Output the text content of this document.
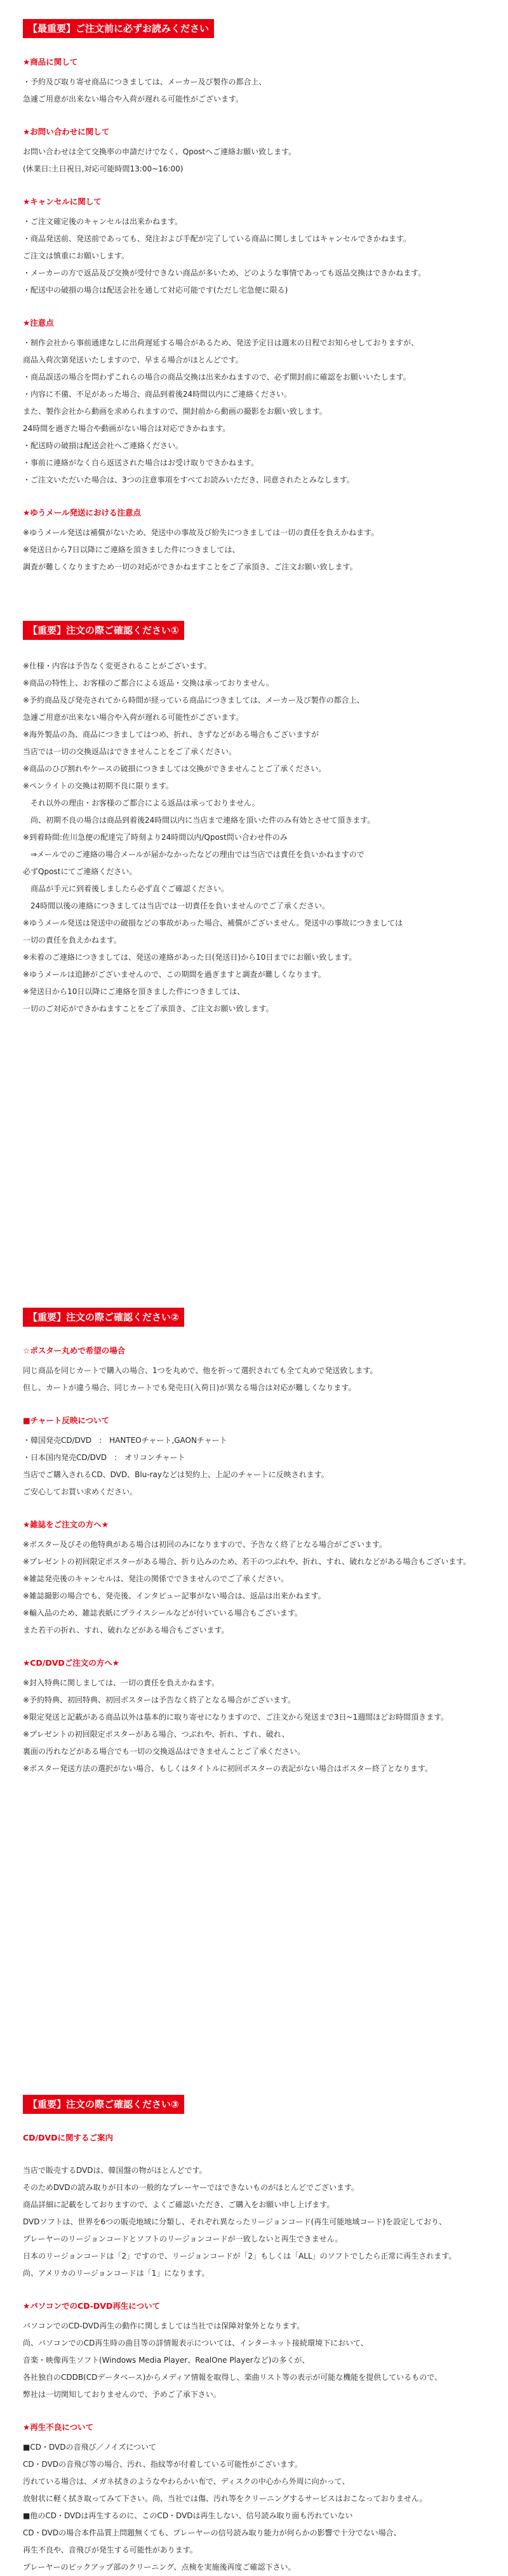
【最重要】ご注文前に必ずお読みください
★商品に関して
・予約及び取り寄せ商品につきましては、メーカー及び製作の都合上、
急遽ご用意が出来ない場合や入荷が遅れる可能性がございます。
★お問い合わせに関して
お問い合わせは全て交換率の申請だけでなく、Qpostへご連絡お願い致します。
(休業日:土日祝日,対応可能時間13:00~16:00)
★キャンセルに関して
・ご注文確定後のキャンセルは出来かねます。
・商品発送前、発送前であっても、発注および手配が完了している商品に関しましてはキャンセルできかねます。
ご注文は慎重にお願いします。
・メーカーの方で返品及び交換が受付できない商品が多いため、どのような事情であっても返品交換はできかねます。
・配送中の破損の場合は配送会社を通して対応可能です(ただし宅急便に限る)
★注意点
・制作会社から事前通達なしに出荷遅延する場合があるため、発送予定日は週末の日程でお知らせしておりますが、
商品入荷次第発送いたしますので、早まる場合がほとんどです。
・商品誤送の場合を問わずこれらの場合の商品交換は出来かねますので、必ず開封前に確認をお願いいたします。
・内容に不備、不足があった場合、商品到着後24時間以内にご連絡ください。
また、製作会社から動画を求められますので、開封前から動画の撮影をお願い致します。
24時間を過ぎた場合や動画がない場合は対応できかねます。
・配送時の破損は配送会社へご連絡ください。
・事前に連絡がなく自ら返送された場合はお受け取りできかねます。
・ご注文いただいた場合は、3つの注意事項をすべてお読みいただき、同意されたとみなします。
★ゆうメール発送における注意点
※ゆうメール発送は補償がないため、発送中の事故及び紛失につきましては一切の責任を負えかねます。
※発送日から7日以降にご連絡を頂きました件につきましては、
調査が難しくなりますため一切の対応ができかねますことをご了承頂き、ご注文お願い致します。
【重要】注文の際ご確認ください①
※仕様・内容は予告なく変更されることがございます。
※商品の特性上、お客様のご都合による返品・交換は承っておりません。
※予約商品及び発売されてから時間が経っている商品につきましては、メーカー及び製作の都合上、
急遽ご用意が出来ない場合や入荷が遅れる可能性がございます。
※海外製品の為、商品につきましてはつめ、折れ、きずなどがある場合もございますが
当店では一切の交換返品はできませんことをご了承ください。
※商品のひび割れやケースの破損につきましては交換ができませんことご了承ください。
※ペンライトの交換は初期不良に限ります。
　それ以外の理由・お客様のご都合による返品は承っておりません。
　尚、初期不良の場合は商品到着後24時間以内に当店まで連絡を頂いた件のみ有効とさせて頂きます。
※到着時間:佐川急便の配達完了時刻より24時間以内/Qpost問い合わせ件のみ
　⇒メールでのご連絡の場合メールが届かなかったなどの理由では当店では責任を負いかねますので
必ずQpostにてご連絡ください。
　商品が手元に到着後しましたら必ず直ぐご確認ください。
　24時間以後の連絡につきましては当店では一切責任を負いませんのでご了承ください。
※ゆうメール発送は発送中の破損などの事故があった場合、補償がございません。発送中の事故につきましては
一切の責任を負えかねます。
※未着のご連絡につきましては、発送の連絡があった日(発送日)から10日までにお願い致します。
※ゆうメールは追跡がございませんので、この期間を過ぎますと調査が難しくなります。
※発送日から10日以降にご連絡を頂きました件につきましては、
一切のご対応ができかねますことをご了承頂き、ご注文お願い致します。
【重要】注文の際ご確認ください②
☆ポスター丸めで希望の場合
同じ商品を同じカートで購入の場合、1つを丸めで、他を折って選択されても全て丸めで発送致します。
但し、カートが違う場合、同じカートでも発売日(入荷日)が異なる場合は対応が難しくなります。
■チャート反映について
・韓国発売CD/DVD　:　HANTEOチャート,GAONチャート
・日本国内発売CD/DVD　:　オリコンチャート
当店でご購入されるCD、DVD、Blu-rayなどは契約上、上記のチャートに反映されます。
ご安心してお買い求めください。
★雑誌をご注文の方へ★
※ポスター及びその他特典がある場合は初回のみになりますので、予告なく終了となる場合がございます。
※プレゼントの初回限定ポスターがある場合、折り込みのため、若干のつぶれや、折れ、すれ、破れなどがある場合もございます。
※雑誌発売後のキャンセルは、発注の関係でできませんのでご了承ください。
※雑誌撮影の場合でも、発売後、インタビュー記事がない場合は、返品は出来かねます。
※輸入品のため、雑誌表紙にプライスシールなどが付いている場合もございます。
また若干の折れ、すれ、破れなどがある場合もございます。
★CD/DVDご注文の方へ★
※封入特典に関しましては、一切の責任を負えかねます。
※予約特典、初回特典、初回ポスターは予告なく終了となる場合がございます。
※限定発送と記載がある商品以外は基本的に取り寄せになりますので、ご注文から発送まで3日~1週間ほどお時間頂きます。
※プレゼントの初回限定ポスターがある場合、つぶれや、折れ、すれ、破れ、
裏面の汚れなどがある場合でも一切の交換返品はできませんことご了承ください。
※ポスター発送方法の選択がない場合、もしくはタイトルに初回ポスターの表記がない場合はポスター終了となります。
【重要】注文の際ご確認ください③
CD/DVDに関するご案内
当店で販売するDVDは、韓国盤の物がほとんどです。
そのためDVDの読み取りが日本の一般的なプレーヤーではできないものがほとんどでございます。
商品詳細に記載をしておりますので、よくご確認いただき、ご購入をお願い申し上げます。
DVDソフトは、世界を6つの販売地域に分類し、それぞれ異なったリージョンコード(再生可能地域コード)を設定しており、
プレーヤーのリージョンコードとソフトのリージョンコードが一致しないと再生できません。
日本のリージョンコードは「2」ですので、リージョンコードが「2」もしくは「ALL」のソフトでしたら正常に再生されます。
尚、アメリカのリージョンコードは「1」になります。
★パソコンでのCD-DVD再生について
パソコンでのCD-DVD再生の動作に関しましては当社では保障対象外となります。
尚、パソコンでのCD再生時の曲目等の詳情報表示については、インターネット接続環境下において、
音楽・映像再生ソフト(Windows Media Player、RealOne Playerなど)の多くが、
各社独自のCDDB(CDデータベース)からメディア情報を取得し、楽曲リスト等の表示が可能な機能を提供しているもので、
弊社は一切関知しておりませんので、予めご了承下さい。
★再生不良について
■CD・DVDの音飛び／ノイズについて
CD・DVDの音飛び等の場合、汚れ、指紋等が付着している可能性がございます。
汚れている場合は、メガネ拭きのようなやわらかい布で、ディスクの中心から外周に向かって、
放射状に軽く拭き取ってみて下さい。尚、当社では傷、汚れ等をクリーニングするサービスはおこなっておりません。
■他のCD・DVDは再生するのに、このCD・DVDは再生しない、信号読み取り面も汚れていない
CD・DVDの場合本件品質上問題無くても、プレーヤーの信号読み取り能力が何らかの影響で十分でない場合、
再生不良や、音飛びが発生する可能性があります。
プレーヤーのピックアップ部のクリーニング、点検を実施後再度ご確認下さい。
